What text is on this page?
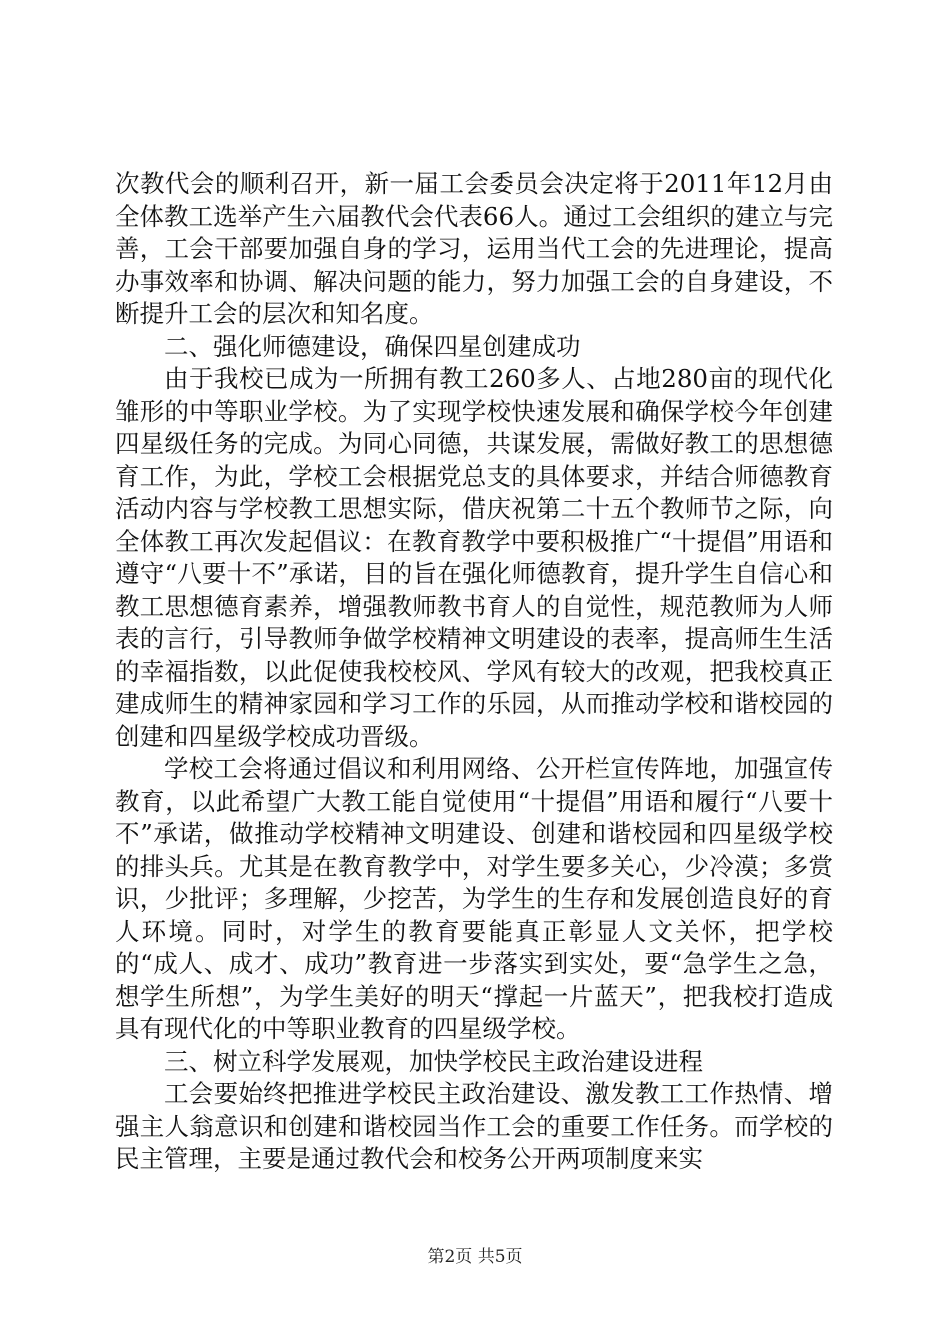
次教代会的顺利召开，新一届工会委员会决定将于2011年12月由全体教工选举产生六届教代会代表66人。通过工会组织的建立与完善，工会干部要加强自身的学习，运用当代工会的先进理论，提高办事效率和协调、解决问题的能力，努力加强工会的自身建设，不断提升工会的层次和知名度。

二、强化师德建设，确保四星创建成功

由于我校已成为一所拥有教工260多人、占地280亩的现代化雏形的中等职业学校。为了实现学校快速发展和确保学校今年创建四星级任务的完成。为同心同德，共谋发展，需做好教工的思想德育工作，为此，学校工会根据党总支的具体要求，并结合师德教育活动内容与学校教工思想实际，借庆祝第二十五个教师节之际，向全体教工再次发起倡议：在教育教学中要积极推广“十提倡”用语和遵守“八要十不”承诺，目的旨在强化师德教育，提升学生自信心和教工思想德育素养，增强教师教书育人的自觉性，规范教师为人师表的言行，引导教师争做学校精神文明建设的表率，提高师生生活的幸福指数，以此促使我校校风、学风有较大的改观，把我校真正建成师生的精神家园和学习工作的乐园，从而推动学校和谐校园的创建和四星级学校成功晋级。

学校工会将通过倡议和利用网络、公开栏宣传阵地，加强宣传教育，以此希望广大教工能自觉使用“十提倡”用语和履行“八要十不”承诺，做推动学校精神文明建设、创建和谐校园和四星级学校的排头兵。尤其是在教育教学中，对学生要多关心，少冷漠；多赏识，少批评；多理解，少挖苦，为学生的生存和发展创造良好的育人环境。同时，对学生的教育要能真正彰显人文关怀，把学校的“成人、成才、成功”教育进一步落实到实处，要“急学生之急，想学生所想”，为学生美好的明天“撑起一片蓝天”，把我校打造成具有现代化的中等职业教育的四星级学校。

三、树立科学发展观，加快学校民主政治建设进程

工会要始终把推进学校民主政治建设、激发教工工作热情、增强主人翁意识和创建和谐校园当作工会的重要工作任务。而学校的民主管理，主要是通过教代会和校务公开两项制度来实

第2页 共5页
